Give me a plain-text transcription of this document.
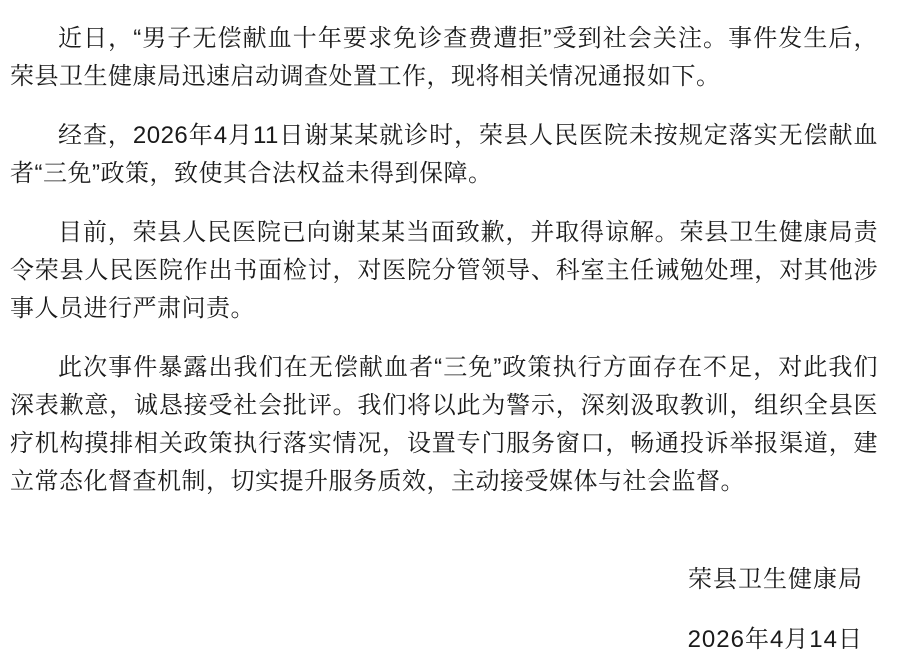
近日，“男子无偿献血十年要求免诊查费遭拒”受到社会关注。事件发生后，荣县卫生健康局迅速启动调查处置工作，现将相关情况通报如下。

经查，2026年4月11日谢某某就诊时，荣县人民医院未按规定落实无偿献血者“三免”政策，致使其合法权益未得到保障。

目前，荣县人民医院已向谢某某当面致歉，并取得谅解。荣县卫生健康局责令荣县人民医院作出书面检讨，对医院分管领导、科室主任诫勉处理，对其他涉事人员进行严肃问责。

此次事件暴露出我们在无偿献血者“三免”政策执行方面存在不足，对此我们深表歉意，诚恳接受社会批评。我们将以此为警示，深刻汲取教训，组织全县医疗机构摸排相关政策执行落实情况，设置专门服务窗口，畅通投诉举报渠道，建立常态化督查机制，切实提升服务质效，主动接受媒体与社会监督。

荣县卫生健康局
2026年4月14日
